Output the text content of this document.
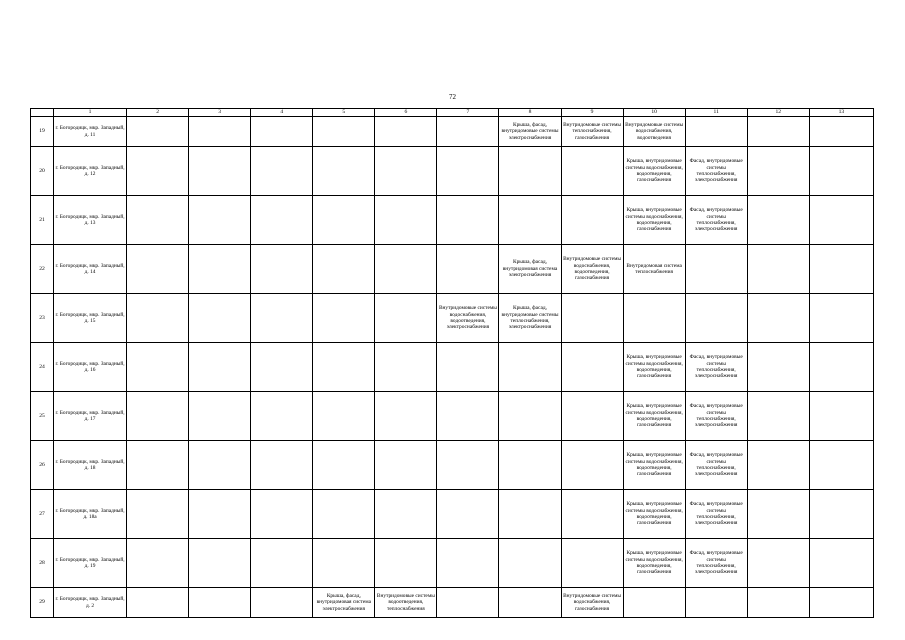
72
	1	2	3	4	5	6	7	8	9	10	11	12	13
19	г. Богородицк, мкр. Западный, д. 11							Крыша, фасад, внутридомовые системы электроснабжения	Внутридомовые системы теплоснабжения, газоснабжения	Внутридомовые системы водоснабжения, водоотведения			
20	г. Богородицк, мкр. Западный, д. 12									Крыша, внутридомовые системы водоснабжения, водоотведения, газоснабжения	Фасад, внутридомовые системы теплоснабжения, электроснабжения		
21	г. Богородицк, мкр. Западный, д. 13									Крыша, внутридомовые системы водоснабжения, водоотведения, газоснабжения	Фасад, внутридомовые системы теплоснабжения, электроснабжения		
22	г. Богородицк, мкр. Западный, д. 14							Крыша, фасад, внутридомовая система электроснабжения	Внутридомовые системы водоснабжения, водоотведения, газоснабжения	Внутридомовая система теплоснабжения			
23	г. Богородицк, мкр. Западный, д. 15						Внутридомовые системы водоснабжения, водоотведения, электроснабжения	Крыша, фасад, внутридомовые системы теплоснабжения, электроснабжения					
24	г. Богородицк, мкр. Западный, д. 16									Крыша, внутридомовые системы водоснабжения, водоотведения, газоснабжения	Фасад, внутридомовые системы теплоснабжения, электроснабжения		
25	г. Богородицк, мкр. Западный, д. 17									Крыша, внутридомовые системы водоснабжения, водоотведения, газоснабжения	Фасад, внутридомовые системы теплоснабжения, электроснабжения		
26	г. Богородицк, мкр. Западный, д. 18									Крыша, внутридомовые системы водоснабжения, водоотведения, газоснабжения	Фасад, внутридомовые системы теплоснабжения, электроснабжения		
27	г. Богородицк, мкр. Западный, д. 18а									Крыша, внутридомовые системы водоснабжения, водоотведения, газоснабжения	Фасад, внутридомовые системы теплоснабжения, электроснабжения		
28	г. Богородицк, мкр. Западный, д. 19									Крыша, внутридомовые системы водоснабжения, водоотведения, газоснабжения	Фасад, внутридомовые системы теплоснабжения, электроснабжения		
29	г. Богородицк, мкр. Западный, д. 2				Крыша, фасад, внутридомовая система электроснабжения	Внутридомовые системы водоотведения, теплоснабжения			Внутридомовые системы водоснабжения, газоснабжения				
